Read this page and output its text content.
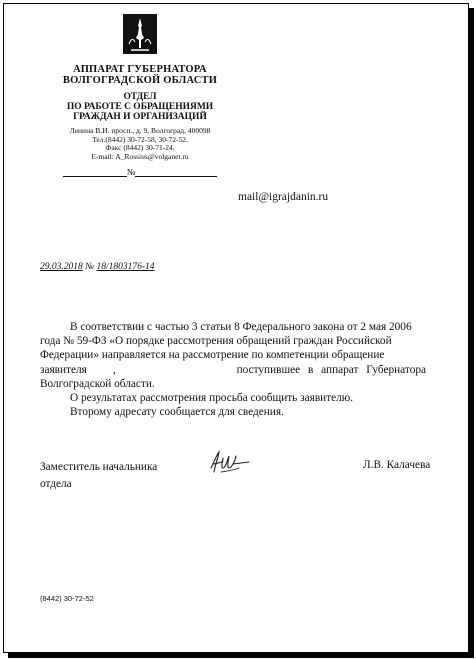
АППАРАТ ГУБЕРНАТОРА
ВОЛГОГРАДСКОЙ ОБЛАСТИ
ОТДЕЛ
ПО РАБОТЕ С ОБРАЩЕНИЯМИ
ГРАЖДАН И ОРГАНИЗАЦИЙ
Ленина В.И. просп., д. 9, Волгоград, 400098
Тел.(8442) 30-72-58, 30-72-52.
Факс (8442) 30-71-24.
E-mail: A_Rossius@volganet.ru
№
mail@igrajdanin.ru
29.03.2018 № 18/1803176-14
В соответствии с частью 3 статьи 8 Федерального закона от 2 мая 2006
года № 59-ФЗ «О порядке рассмотрения обращений граждан Российской
Федерации» направляется на рассмотрение по компетенции обращение
заявителя ,	поступившее в аппарат Губернатора
Волгоградской области.
О результатах рассмотрения просьба сообщить заявителю.
Второму адресату сообщается для сведения.
Заместитель начальника
отдела
Л.В. Калачева
(8442) 30-72-52
